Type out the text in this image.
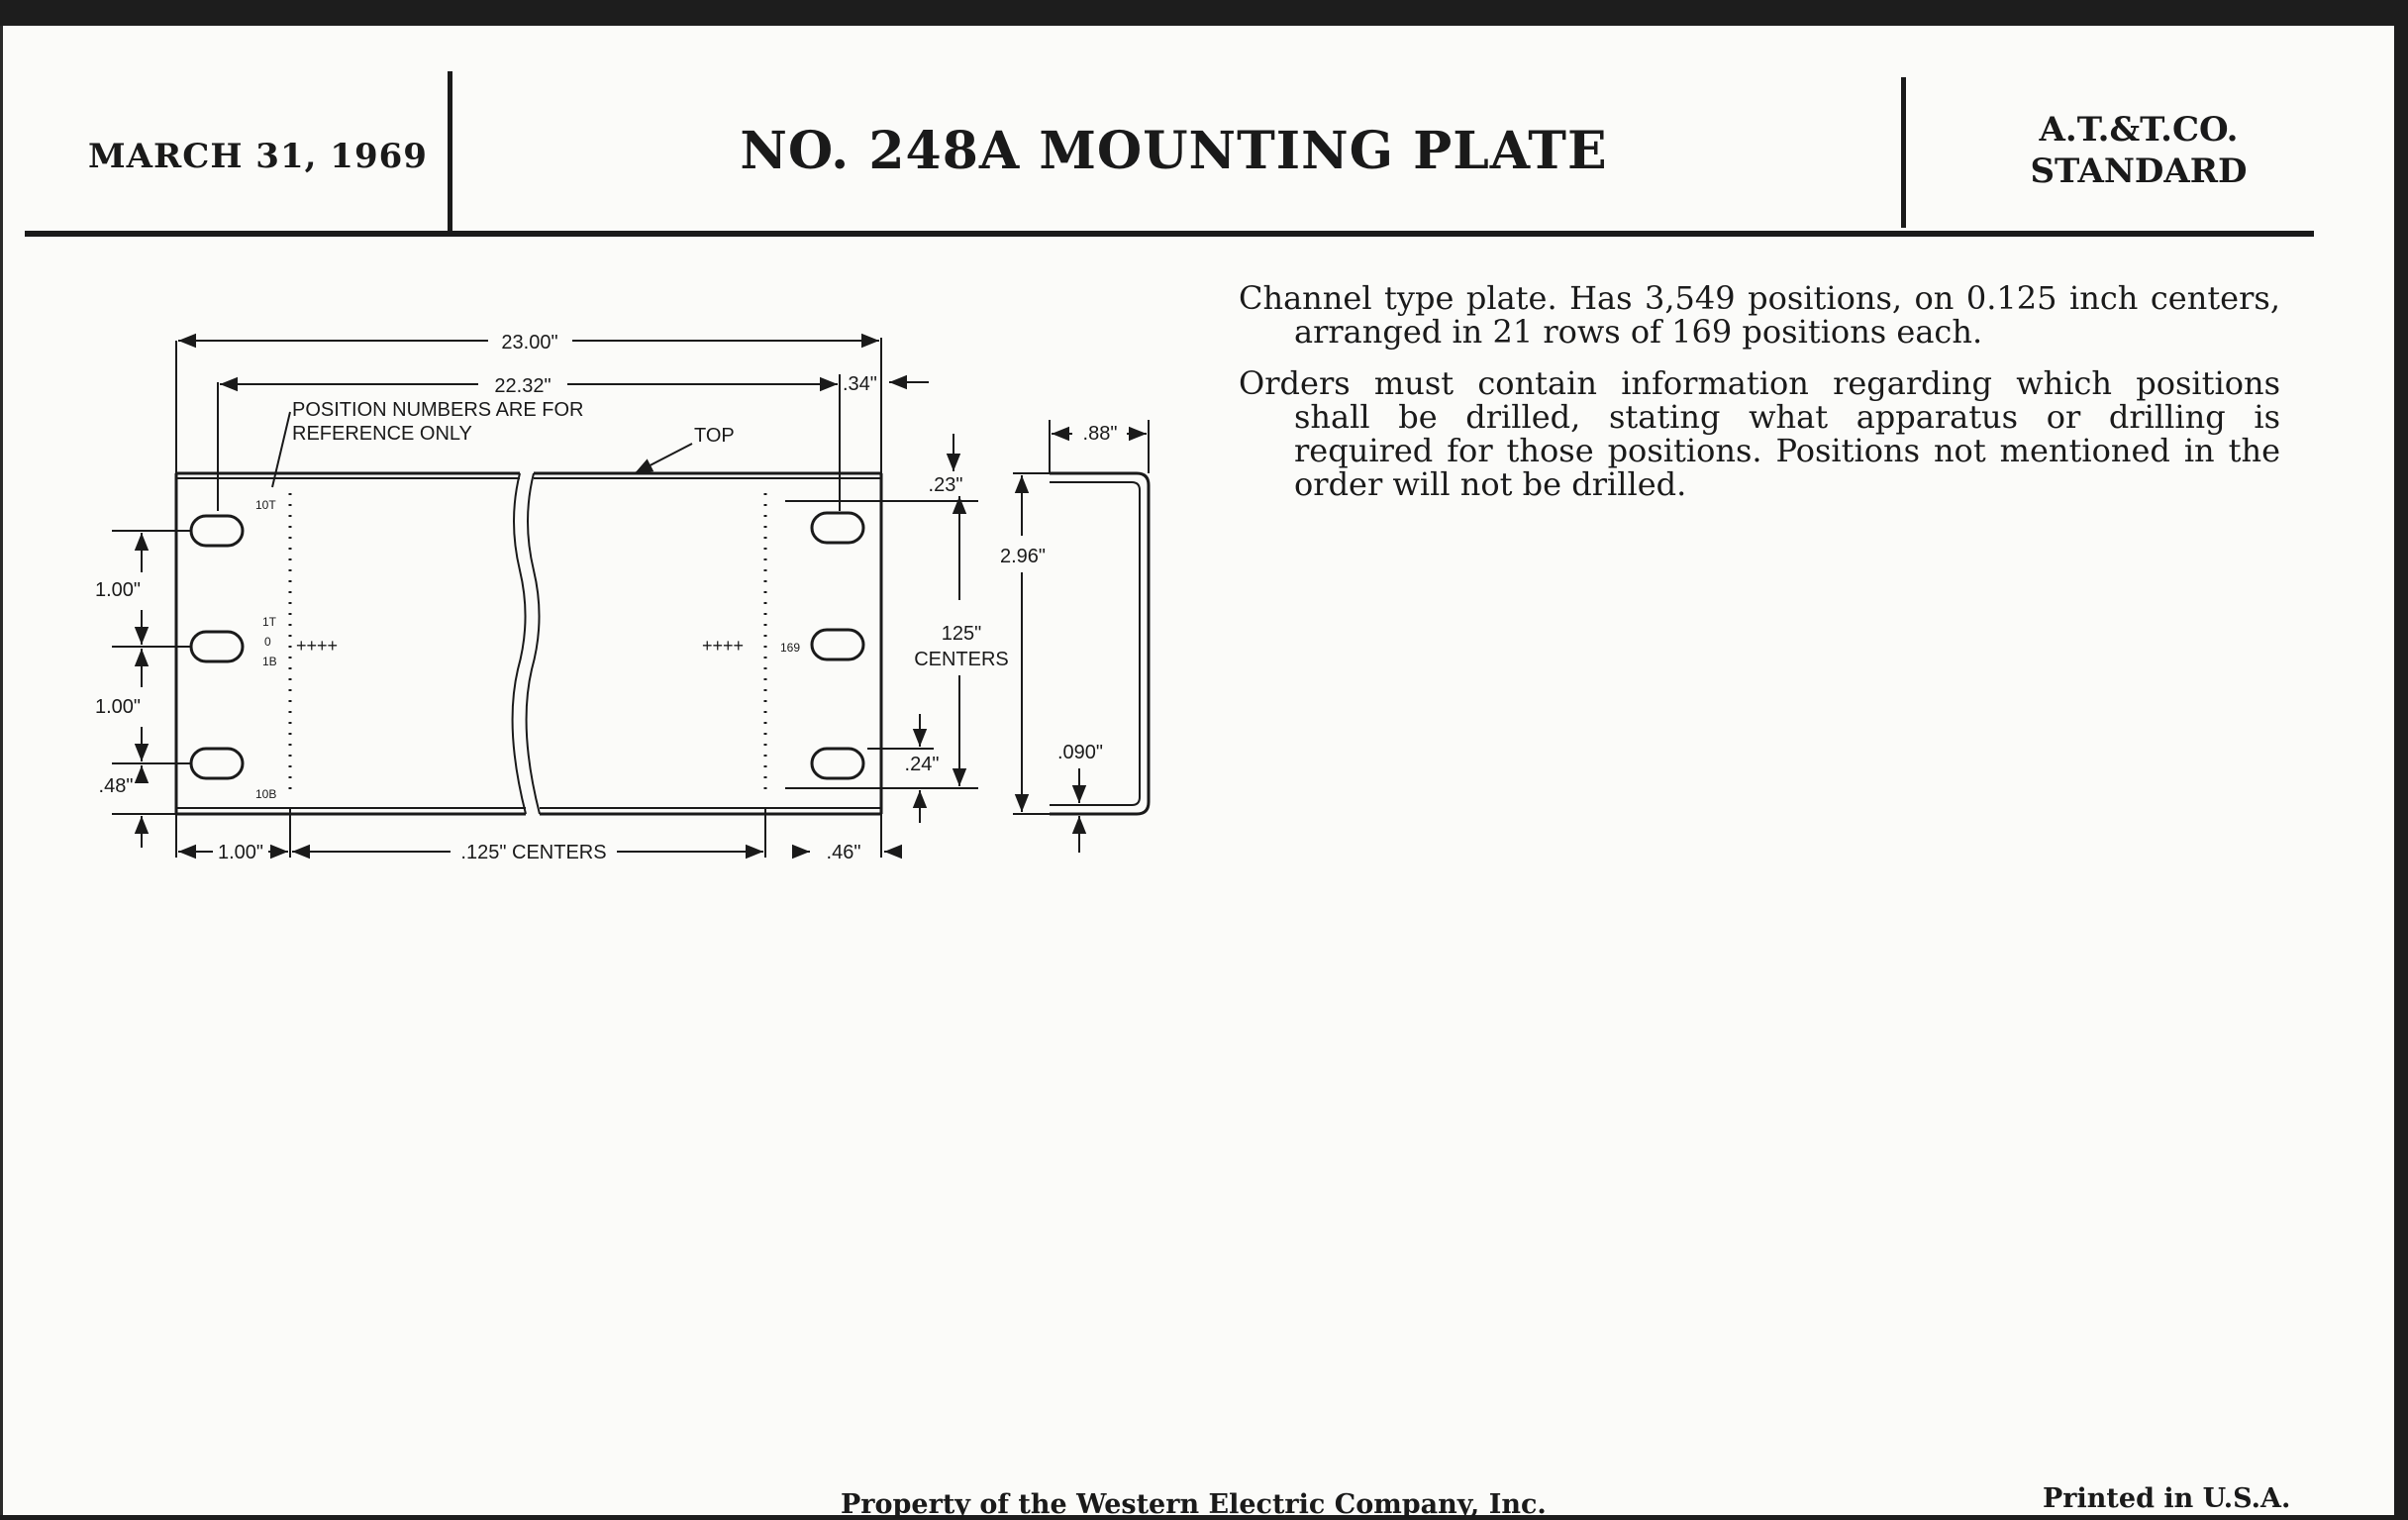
MARCH 31, 1969	NO. 248A MOUNTING PLATE	A.T.&T.CO.
STANDARD
23.00"
22.32"	.34"
POSITION NUMBERS ARE FOR
REFERENCE ONLY	TOP	.88"
.23"
2.96"
125"
CENTERS
1.00"
1.00"
.48"
.24"
.090"
1.00"	.125" CENTERS	.46"
10T
1T
0
1B
10B
169
++++	++++

Channel type plate. Has 3,549 positions, on 0.125 inch centers, arranged in 21 rows of 169 positions each.

Orders must contain information regarding which positions shall be drilled, stating what apparatus or drilling is required for those positions. Positions not mentioned in the order will not be drilled.

Property of the Western Electric Company, Inc.	Printed in U.S.A.
